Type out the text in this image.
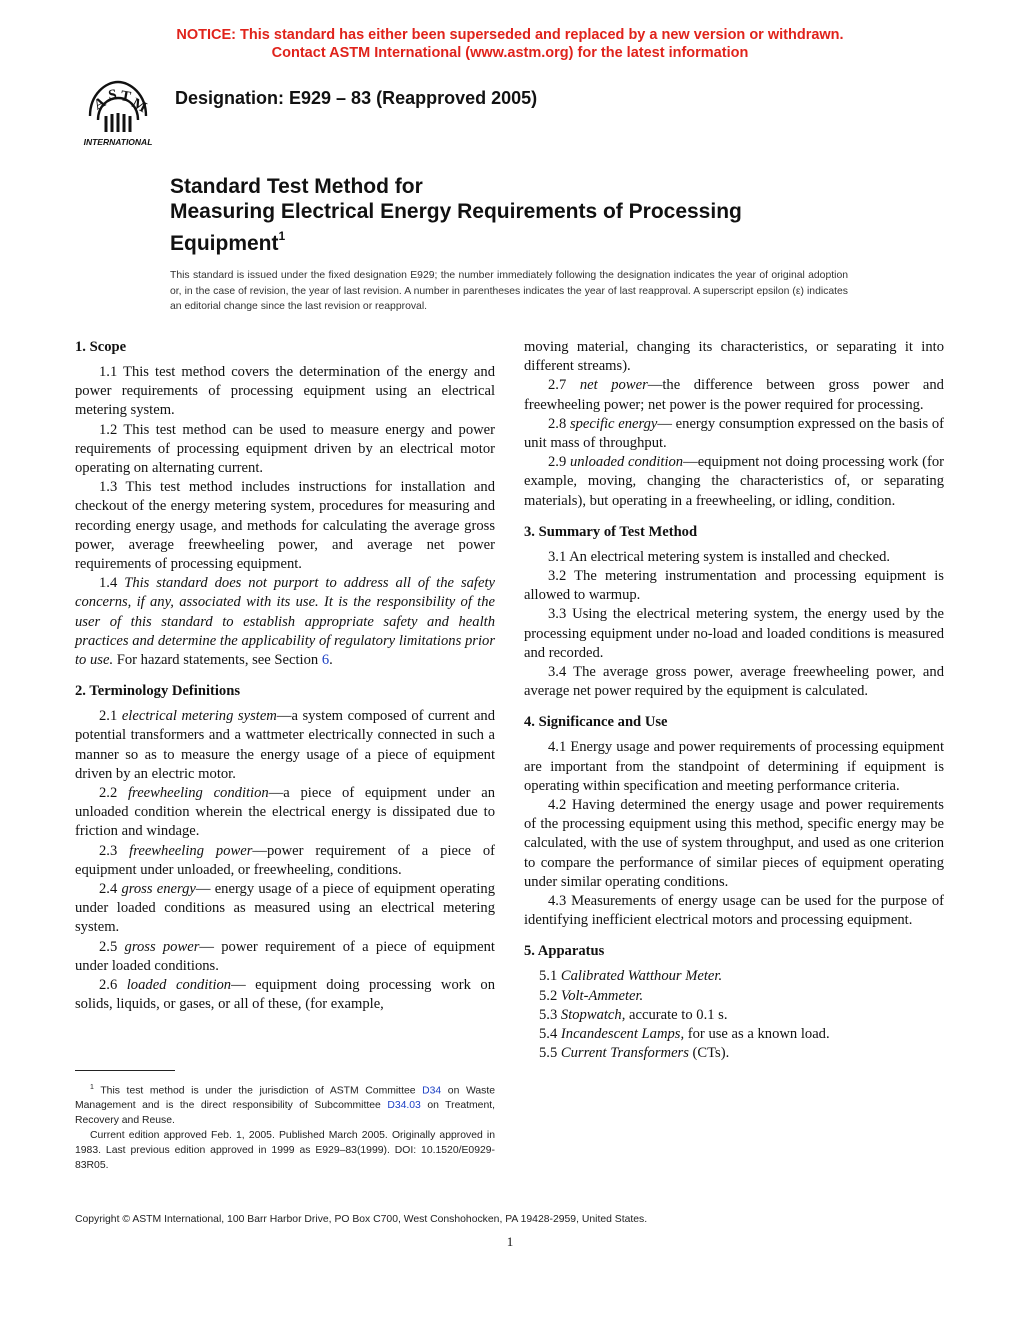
NOTICE: This standard has either been superseded and replaced by a new version or withdrawn.
Contact ASTM International (www.astm.org) for the latest information
A
S T
M
INTERNATIONAL
Designation: E929 – 83 (Reapproved 2005)
Standard Test Method for
Measuring Electrical Energy Requirements of Processing
Equipment$^1$
This standard is issued under the fixed designation E929; the number immediately following the designation indicates the year of original adoption or, in the case of revision, the year of last revision. A number in parentheses indicates the year of last reapproval. A superscript epsilon (ε) indicates an editorial change since the last revision or reapproval.
1. Scope

1.1 This test method covers the determination of the energy and power requirements of processing equipment using an electrical metering system.

1.2 This test method can be used to measure energy and power requirements of processing equipment driven by an electrical motor operating on alternating current.

1.3 This test method includes instructions for installation and checkout of the energy metering system, procedures for measuring and recording energy usage, and methods for calculating the average gross power, average freewheeling power, and average net power requirements of processing equipment.

1.4 This standard does not purport to address all of the safety concerns, if any, associated with its use. It is the responsibility of the user of this standard to establish appropriate safety and health practices and determine the applicability of regulatory limitations prior to use. For hazard statements, see Section 6.

2. Terminology Definitions

2.1 electrical metering system—a system composed of current and potential transformers and a wattmeter electrically connected in such a manner so as to measure the energy usage of a piece of equipment driven by an electric motor.

2.2 freewheeling condition—a piece of equipment under an unloaded condition wherein the electrical energy is dissipated due to friction and windage.

2.3 freewheeling power—power requirement of a piece of equipment under unloaded, or freewheeling, conditions.

2.4 gross energy— energy usage of a piece of equipment operating under loaded conditions as measured using an electrical metering system.

2.5 gross power— power requirement of a piece of equipment under loaded conditions.

2.6 loaded condition— equipment doing processing work on solids, liquids, or gases, or all of these, (for example,

$^1$ This test method is under the jurisdiction of ASTM Committee D34 on Waste Management and is the direct responsibility of Subcommittee D34.03 on Treatment, Recovery and Reuse.

Current edition approved Feb. 1, 2005. Published March 2005. Originally approved in 1983. Last previous edition approved in 1999 as E929–83(1999). DOI: 10.1520/E0929-83R05.

moving material, changing its characteristics, or separating it into different streams).

2.7 net power—the difference between gross power and freewheeling power; net power is the power required for processing.

2.8 specific energy— energy consumption expressed on the basis of unit mass of throughput.

2.9 unloaded condition—equipment not doing processing work (for example, moving, changing the characteristics of, or separating materials), but operating in a freewheeling, or idling, condition.

3. Summary of Test Method

3.1 An electrical metering system is installed and checked.

3.2 The metering instrumentation and processing equipment is allowed to warmup.

3.3 Using the electrical metering system, the energy used by the processing equipment under no-load and loaded conditions is measured and recorded.

3.4 The average gross power, average freewheeling power, and average net power required by the equipment is calculated.

4. Significance and Use

4.1 Energy usage and power requirements of processing equipment are important from the standpoint of determining if equipment is operating within specification and meeting performance criteria.

4.2 Having determined the energy usage and power requirements of the processing equipment using this method, specific energy may be calculated, with the use of system throughput, and used as one criterion to compare the performance of similar pieces of equipment operating under similar operating conditions.

4.3 Measurements of energy usage can be used for the purpose of identifying inefficient electrical motors and processing equipment.

5. Apparatus

5.1 Calibrated Watthour Meter.

5.2 Volt-Ammeter.

5.3 Stopwatch, accurate to 0.1 s.

5.4 Incandescent Lamps, for use as a known load.

5.5 Current Transformers (CTs).

Copyright © ASTM International, 100 Barr Harbor Drive, PO Box C700, West Conshohocken, PA 19428-2959, United States.
1
